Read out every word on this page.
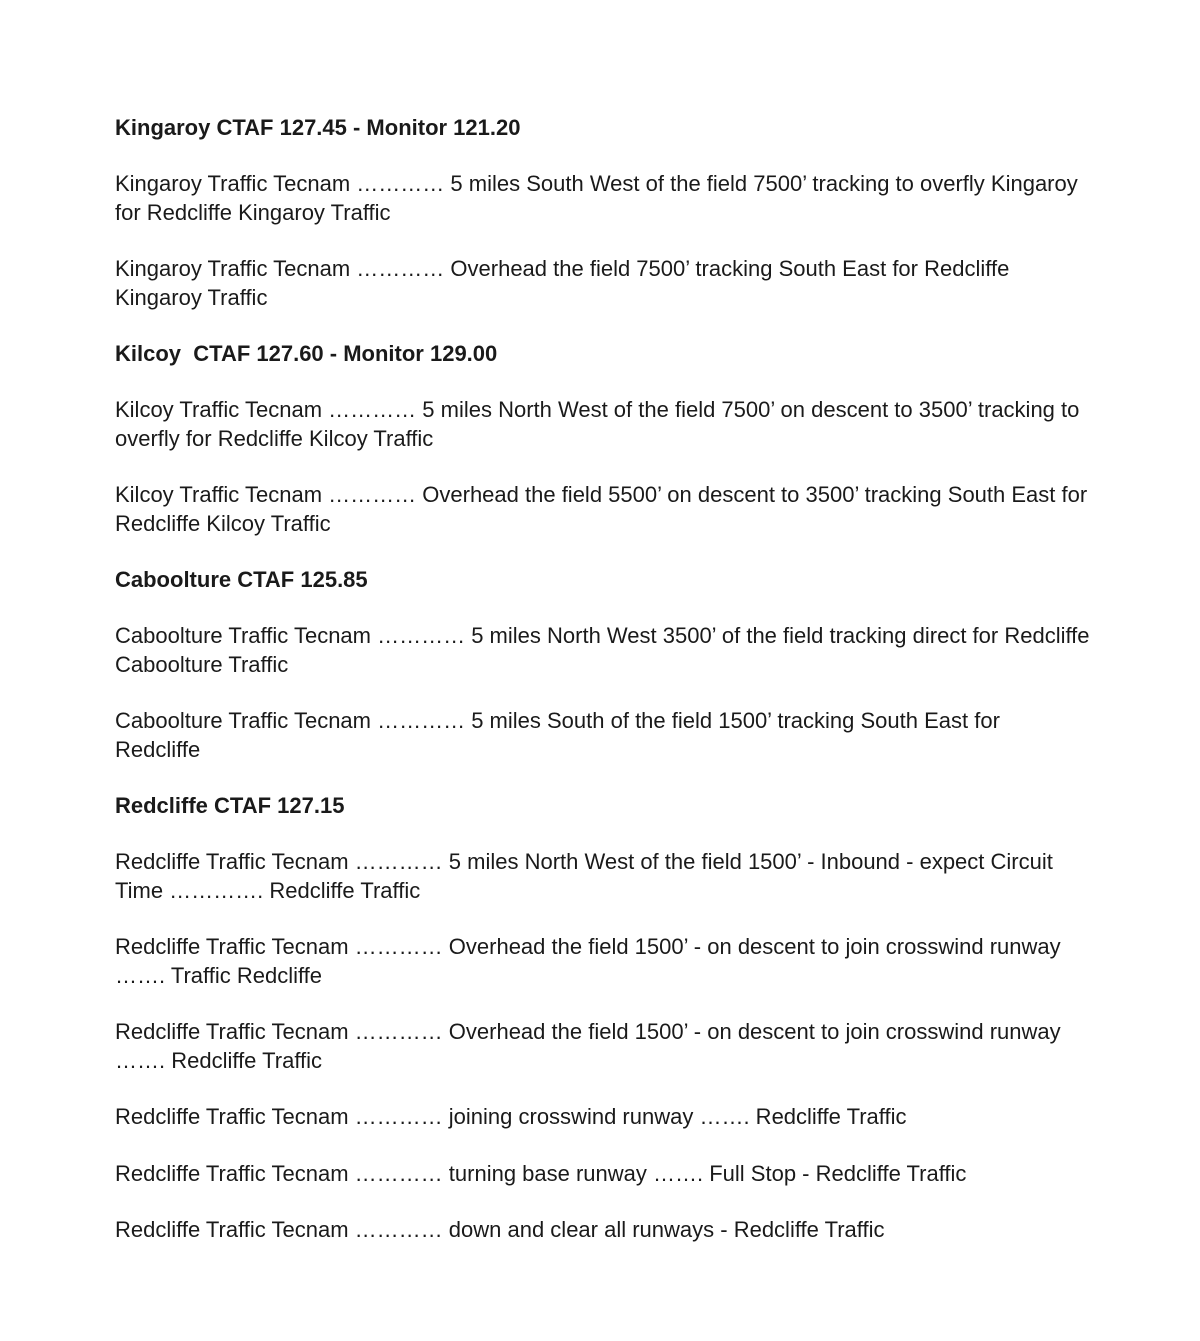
Kingaroy CTAF 127.45 - Monitor 121.20

Kingaroy Traffic Tecnam ………… 5 miles South West of the field 7500’ tracking to overfly Kingaroy for Redcliffe Kingaroy Traffic

Kingaroy Traffic Tecnam ………… Overhead the field 7500’ tracking South East for Redcliffe Kingaroy Traffic

Kilcoy  CTAF 127.60 - Monitor 129.00

Kilcoy Traffic Tecnam ………… 5 miles North West of the field 7500’ on descent to 3500’ tracking to overfly for Redcliffe Kilcoy Traffic

Kilcoy Traffic Tecnam ………… Overhead the field 5500’ on descent to 3500’ tracking South East for Redcliffe Kilcoy Traffic

Caboolture CTAF 125.85

Caboolture Traffic Tecnam ………… 5 miles North West 3500’ of the field tracking direct for Redcliffe Caboolture Traffic

Caboolture Traffic Tecnam ………… 5 miles South of the field 1500’ tracking South East for Redcliffe

Redcliffe CTAF 127.15

Redcliffe Traffic Tecnam ………… 5 miles North West of the field 1500’ - Inbound - expect Circuit Time …………. Redcliffe Traffic

Redcliffe Traffic Tecnam ………… Overhead the field 1500’ - on descent to join crosswind runway ……. Traffic Redcliffe

Redcliffe Traffic Tecnam ………… Overhead the field 1500’ - on descent to join crosswind runway ……. Redcliffe Traffic

Redcliffe Traffic Tecnam ………… joining crosswind runway ……. Redcliffe Traffic

Redcliffe Traffic Tecnam ………… turning base runway ……. Full Stop - Redcliffe Traffic

Redcliffe Traffic Tecnam ………… down and clear all runways - Redcliffe Traffic
